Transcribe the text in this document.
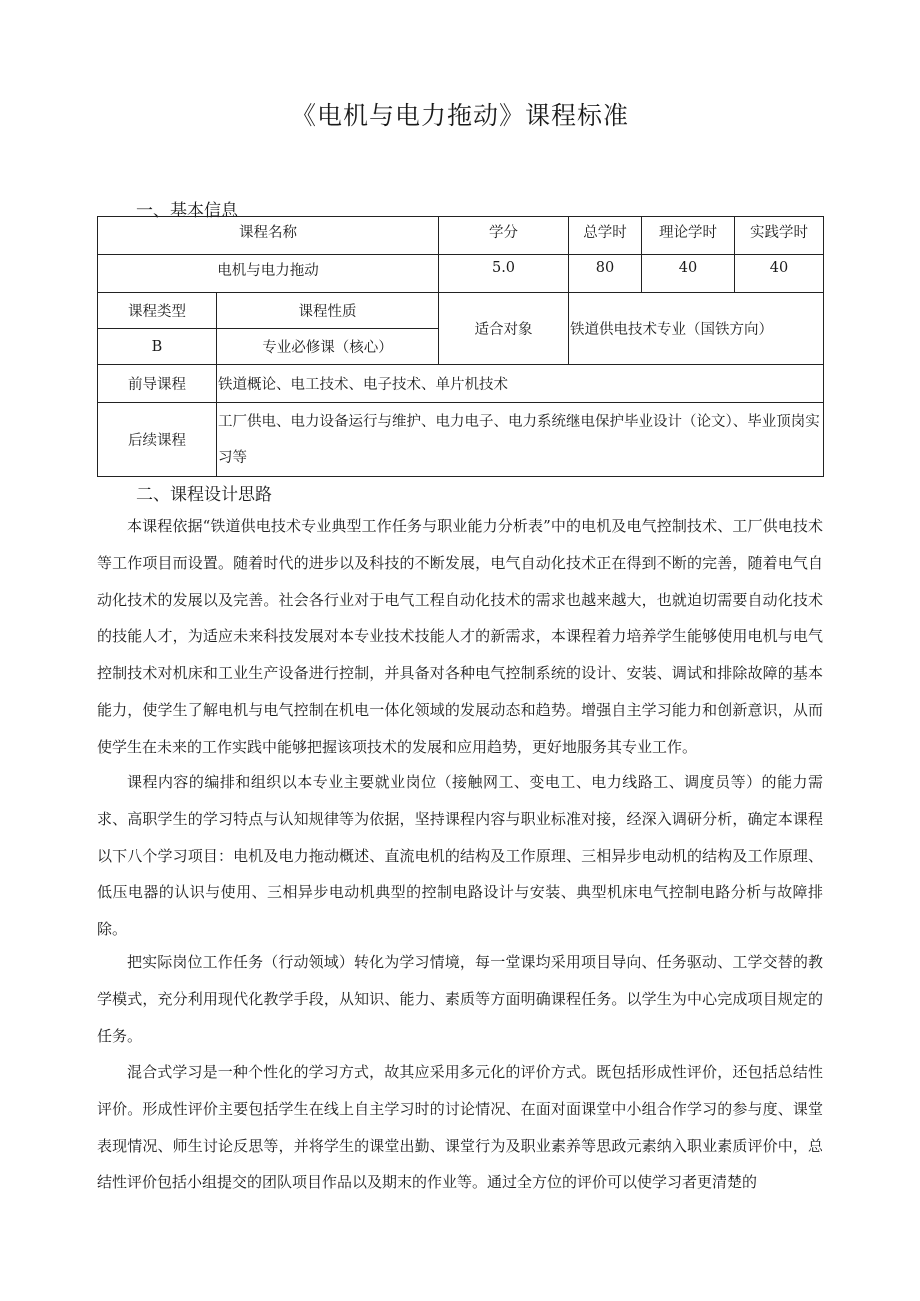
《电机与电力拖动》课程标准
一、基本信息
课程名称		学分	总学时	理论学时	实践学时
电机与电力拖动		5.0	80	40	40
课程类型	课程性质	适合对象	铁道供电技术专业（国铁方向）		
B	专业必修课（核心）				
前导课程	铁道概论、电工技术、电子技术、单片机技术				
后续课程	工厂供电、电力设备运行与维护、电力电子、电力系统继电保护毕业设计（论文）、毕业顶岗实习等				
二、课程设计思路

本课程依据“铁道供电技术专业典型工作任务与职业能力分析表”中的电机及电气控制技术、工厂供电技术等工作项目而设置。随着时代的进步以及科技的不断发展，电气自动化技术正在得到不断的完善，随着电气自动化技术的发展以及完善。社会各行业对于电气工程自动化技术的需求也越来越大，也就迫切需要自动化技术的技能人才，为适应未来科技发展对本专业技术技能人才的新需求，本课程着力培养学生能够使用电机与电气控制技术对机床和工业生产设备进行控制，并具备对各种电气控制系统的设计、安装、调试和排除故障的基本能力，使学生了解电机与电气控制在机电一体化领域的发展动态和趋势。增强自主学习能力和创新意识，从而使学生在未来的工作实践中能够把握该项技术的发展和应用趋势，更好地服务其专业工作。

课程内容的编排和组织以本专业主要就业岗位（接触网工、变电工、电力线路工、调度员等）的能力需求、高职学生的学习特点与认知规律等为依据，坚持课程内容与职业标准对接，经深入调研分析，确定本课程以下八个学习项目：电机及电力拖动概述、直流电机的结构及工作原理、三相异步电动机的结构及工作原理、低压电器的认识与使用、三相异步电动机典型的控制电路设计与安装、典型机床电气控制电路分析与故障排除。

把实际岗位工作任务（行动领域）转化为学习情境，每一堂课均采用项目导向、任务驱动、工学交替的教学模式，充分利用现代化教学手段，从知识、能力、素质等方面明确课程任务。以学生为中心完成项目规定的任务。

混合式学习是一种个性化的学习方式，故其应采用多元化的评价方式。既包括形成性评价，还包括总结性评价。形成性评价主要包括学生在线上自主学习时的讨论情况、在面对面课堂中小组合作学习的参与度、课堂表现情况、师生讨论反思等，并将学生的课堂出勤、课堂行为及职业素养等思政元素纳入职业素质评价中，总结性评价包括小组提交的团队项目作品以及期末的作业等。通过全方位的评价可以使学习者更清楚的
